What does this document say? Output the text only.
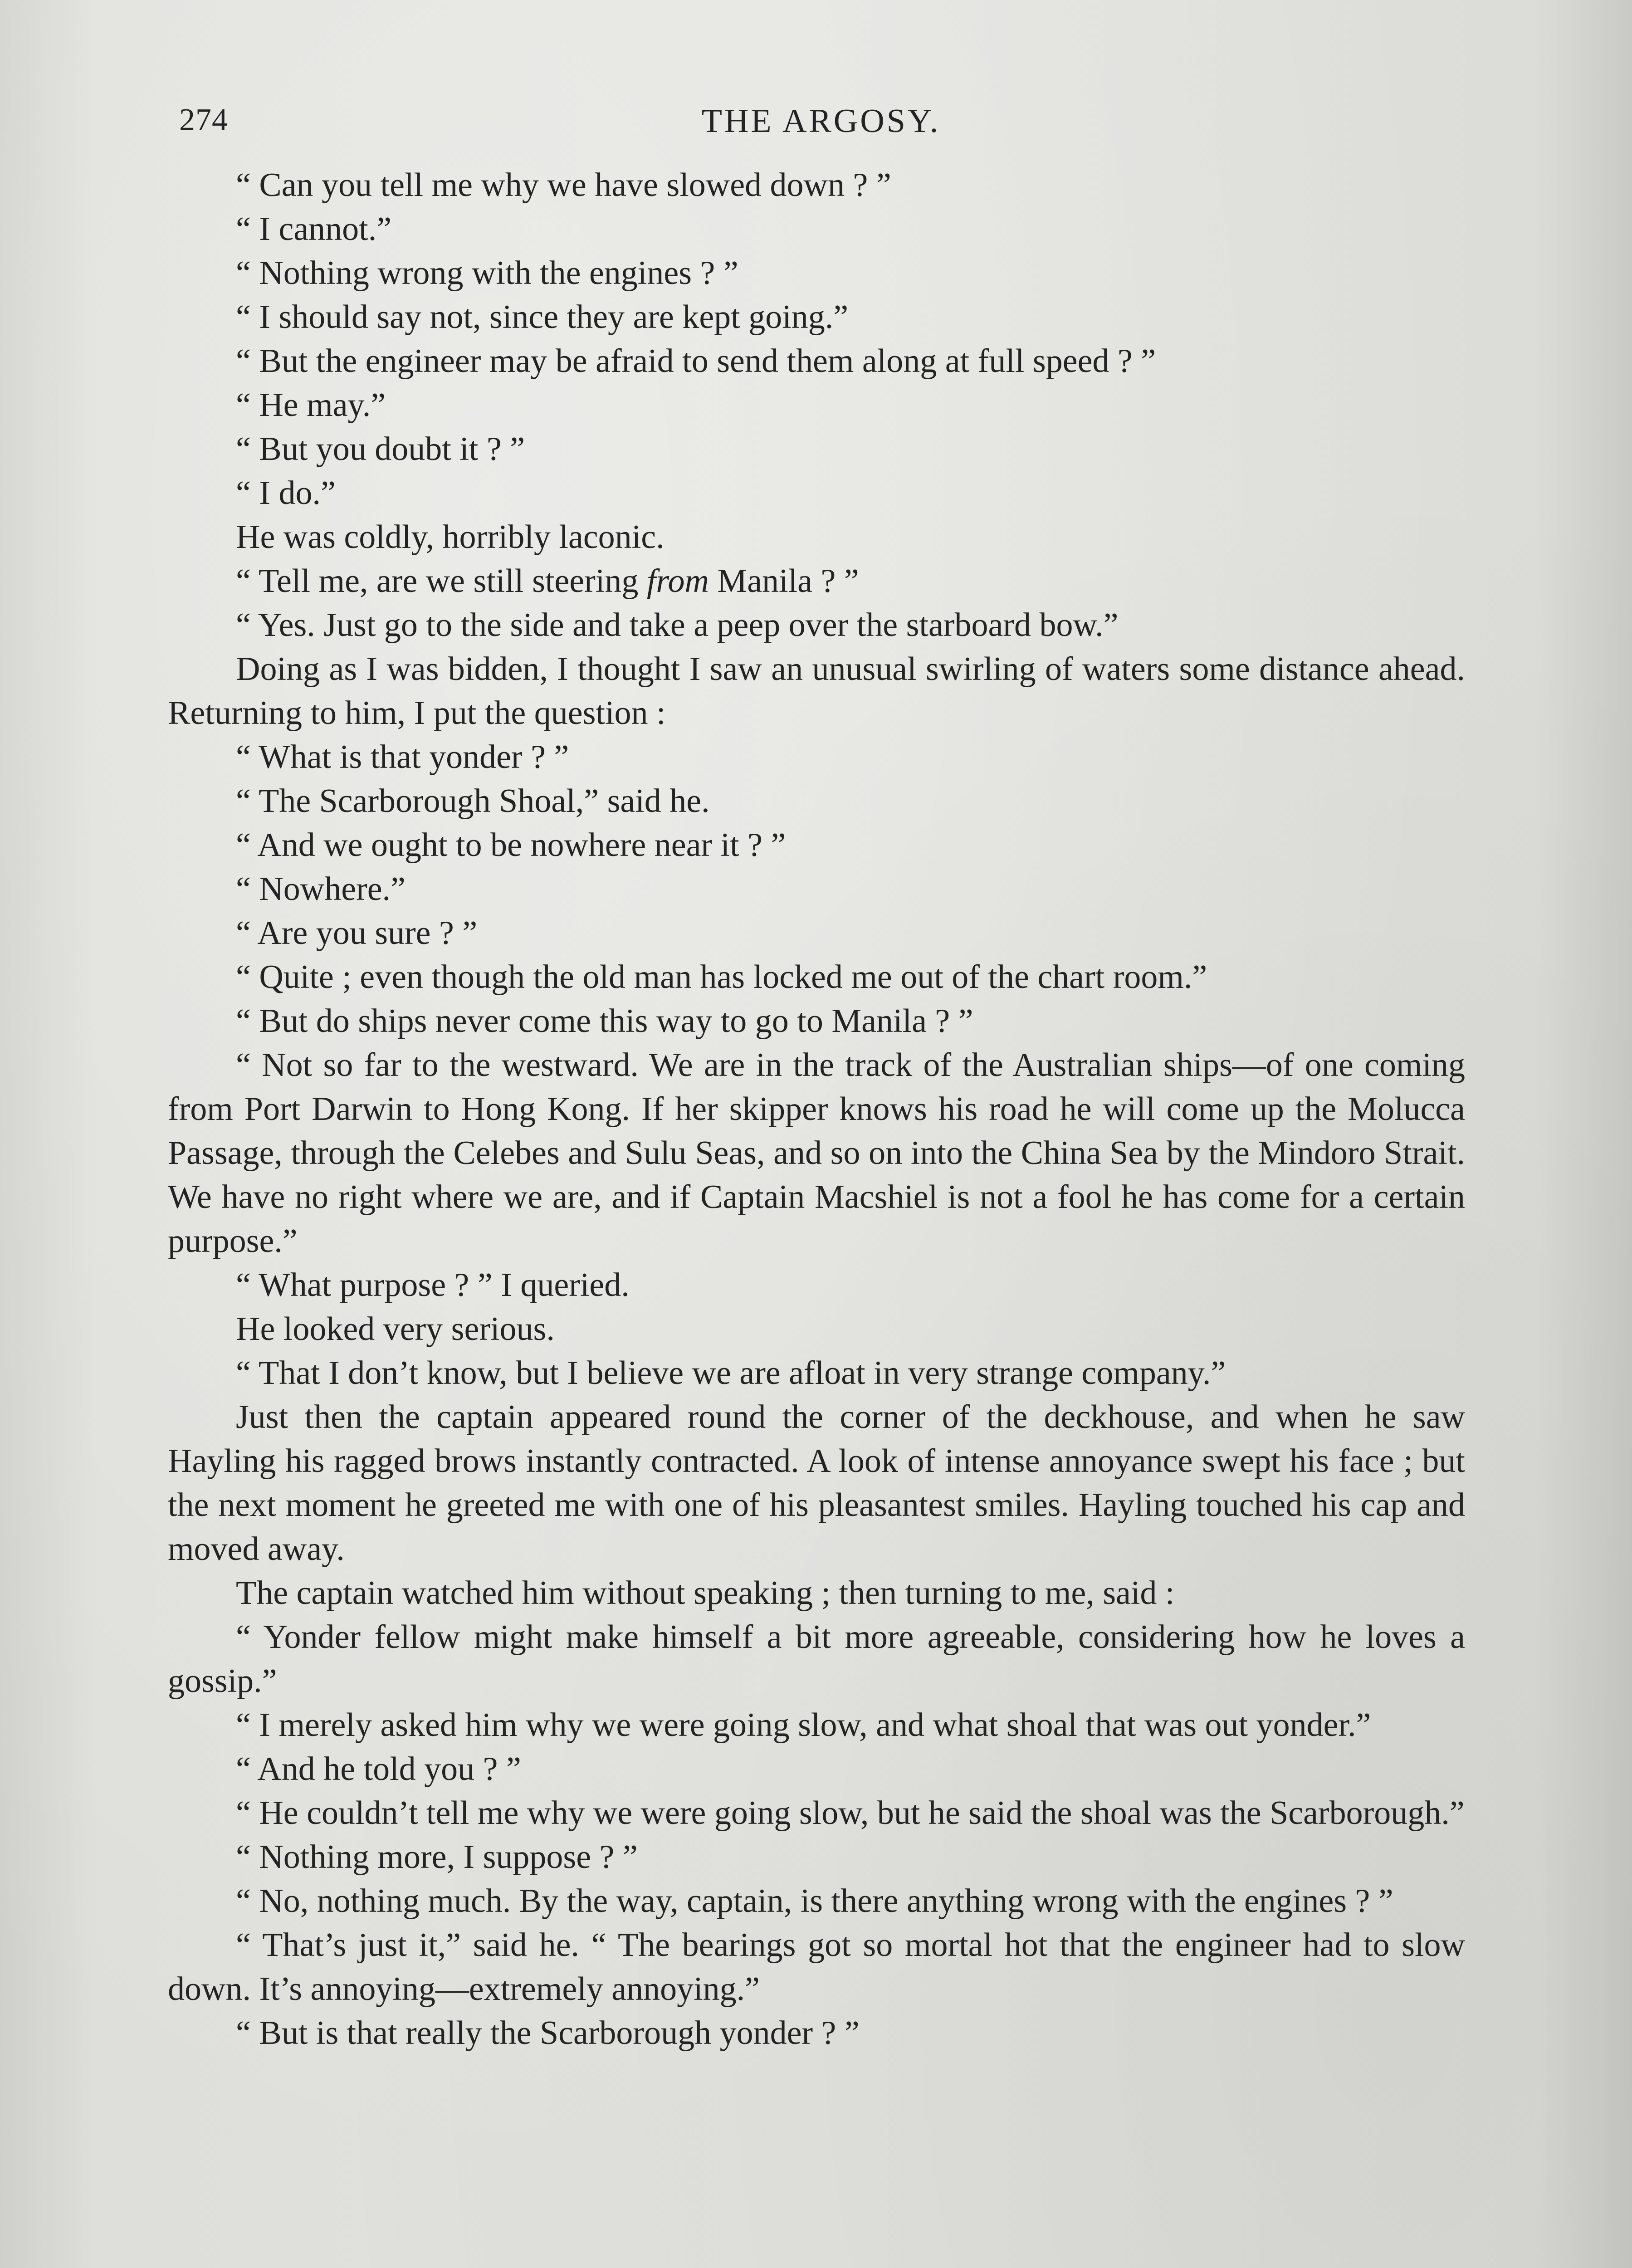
274	THE ARGOSY.

“ Can you tell me why we have slowed down ? ”

“ I cannot.”

“ Nothing wrong with the engines ? ”

“ I should say not, since they are kept going.”

“ But the engineer may be afraid to send them along at full speed ? ”

“ He may.”

“ But you doubt it ? ”

“ I do.”

He was coldly, horribly laconic.

“ Tell me, are we still steering from Manila ? ”

“ Yes. Just go to the side and take a peep over the starboard bow.”

Doing as I was bidden, I thought I saw an unusual swirling of waters some distance ahead. Returning to him, I put the question :

“ What is that yonder ? ”

“ The Scarborough Shoal,” said he.

“ And we ought to be nowhere near it ? ”

“ Nowhere.”

“ Are you sure ? ”

“ Quite ; even though the old man has locked me out of the chart room.”

“ But do ships never come this way to go to Manila ? ”

“ Not so far to the westward. We are in the track of the Australian ships—of one coming from Port Darwin to Hong Kong. If her skipper knows his road he will come up the Molucca Passage, through the Celebes and Sulu Seas, and so on into the China Sea by the Mindoro Strait. We have no right where we are, and if Captain Macshiel is not a fool he has come for a certain purpose.”

“ What purpose ? ” I queried.

He looked very serious.

“ That I don’t know, but I believe we are afloat in very strange company.”

Just then the captain appeared round the corner of the deckhouse, and when he saw Hayling his ragged brows instantly contracted. A look of intense annoyance swept his face ; but the next moment he greeted me with one of his pleasantest smiles. Hayling touched his cap and moved away.

The captain watched him without speaking ; then turning to me, said :

“ Yonder fellow might make himself a bit more agreeable, considering how he loves a gossip.”

“ I merely asked him why we were going slow, and what shoal that was out yonder.”

“ And he told you ? ”

“ He couldn’t tell me why we were going slow, but he said the shoal was the Scarborough.”

“ Nothing more, I suppose ? ”

“ No, nothing much. By the way, captain, is there anything wrong with the engines ? ”

“ That’s just it,” said he. “ The bearings got so mortal hot that the engineer had to slow down. It’s annoying—extremely annoying.”

“ But is that really the Scarborough yonder ? ”
